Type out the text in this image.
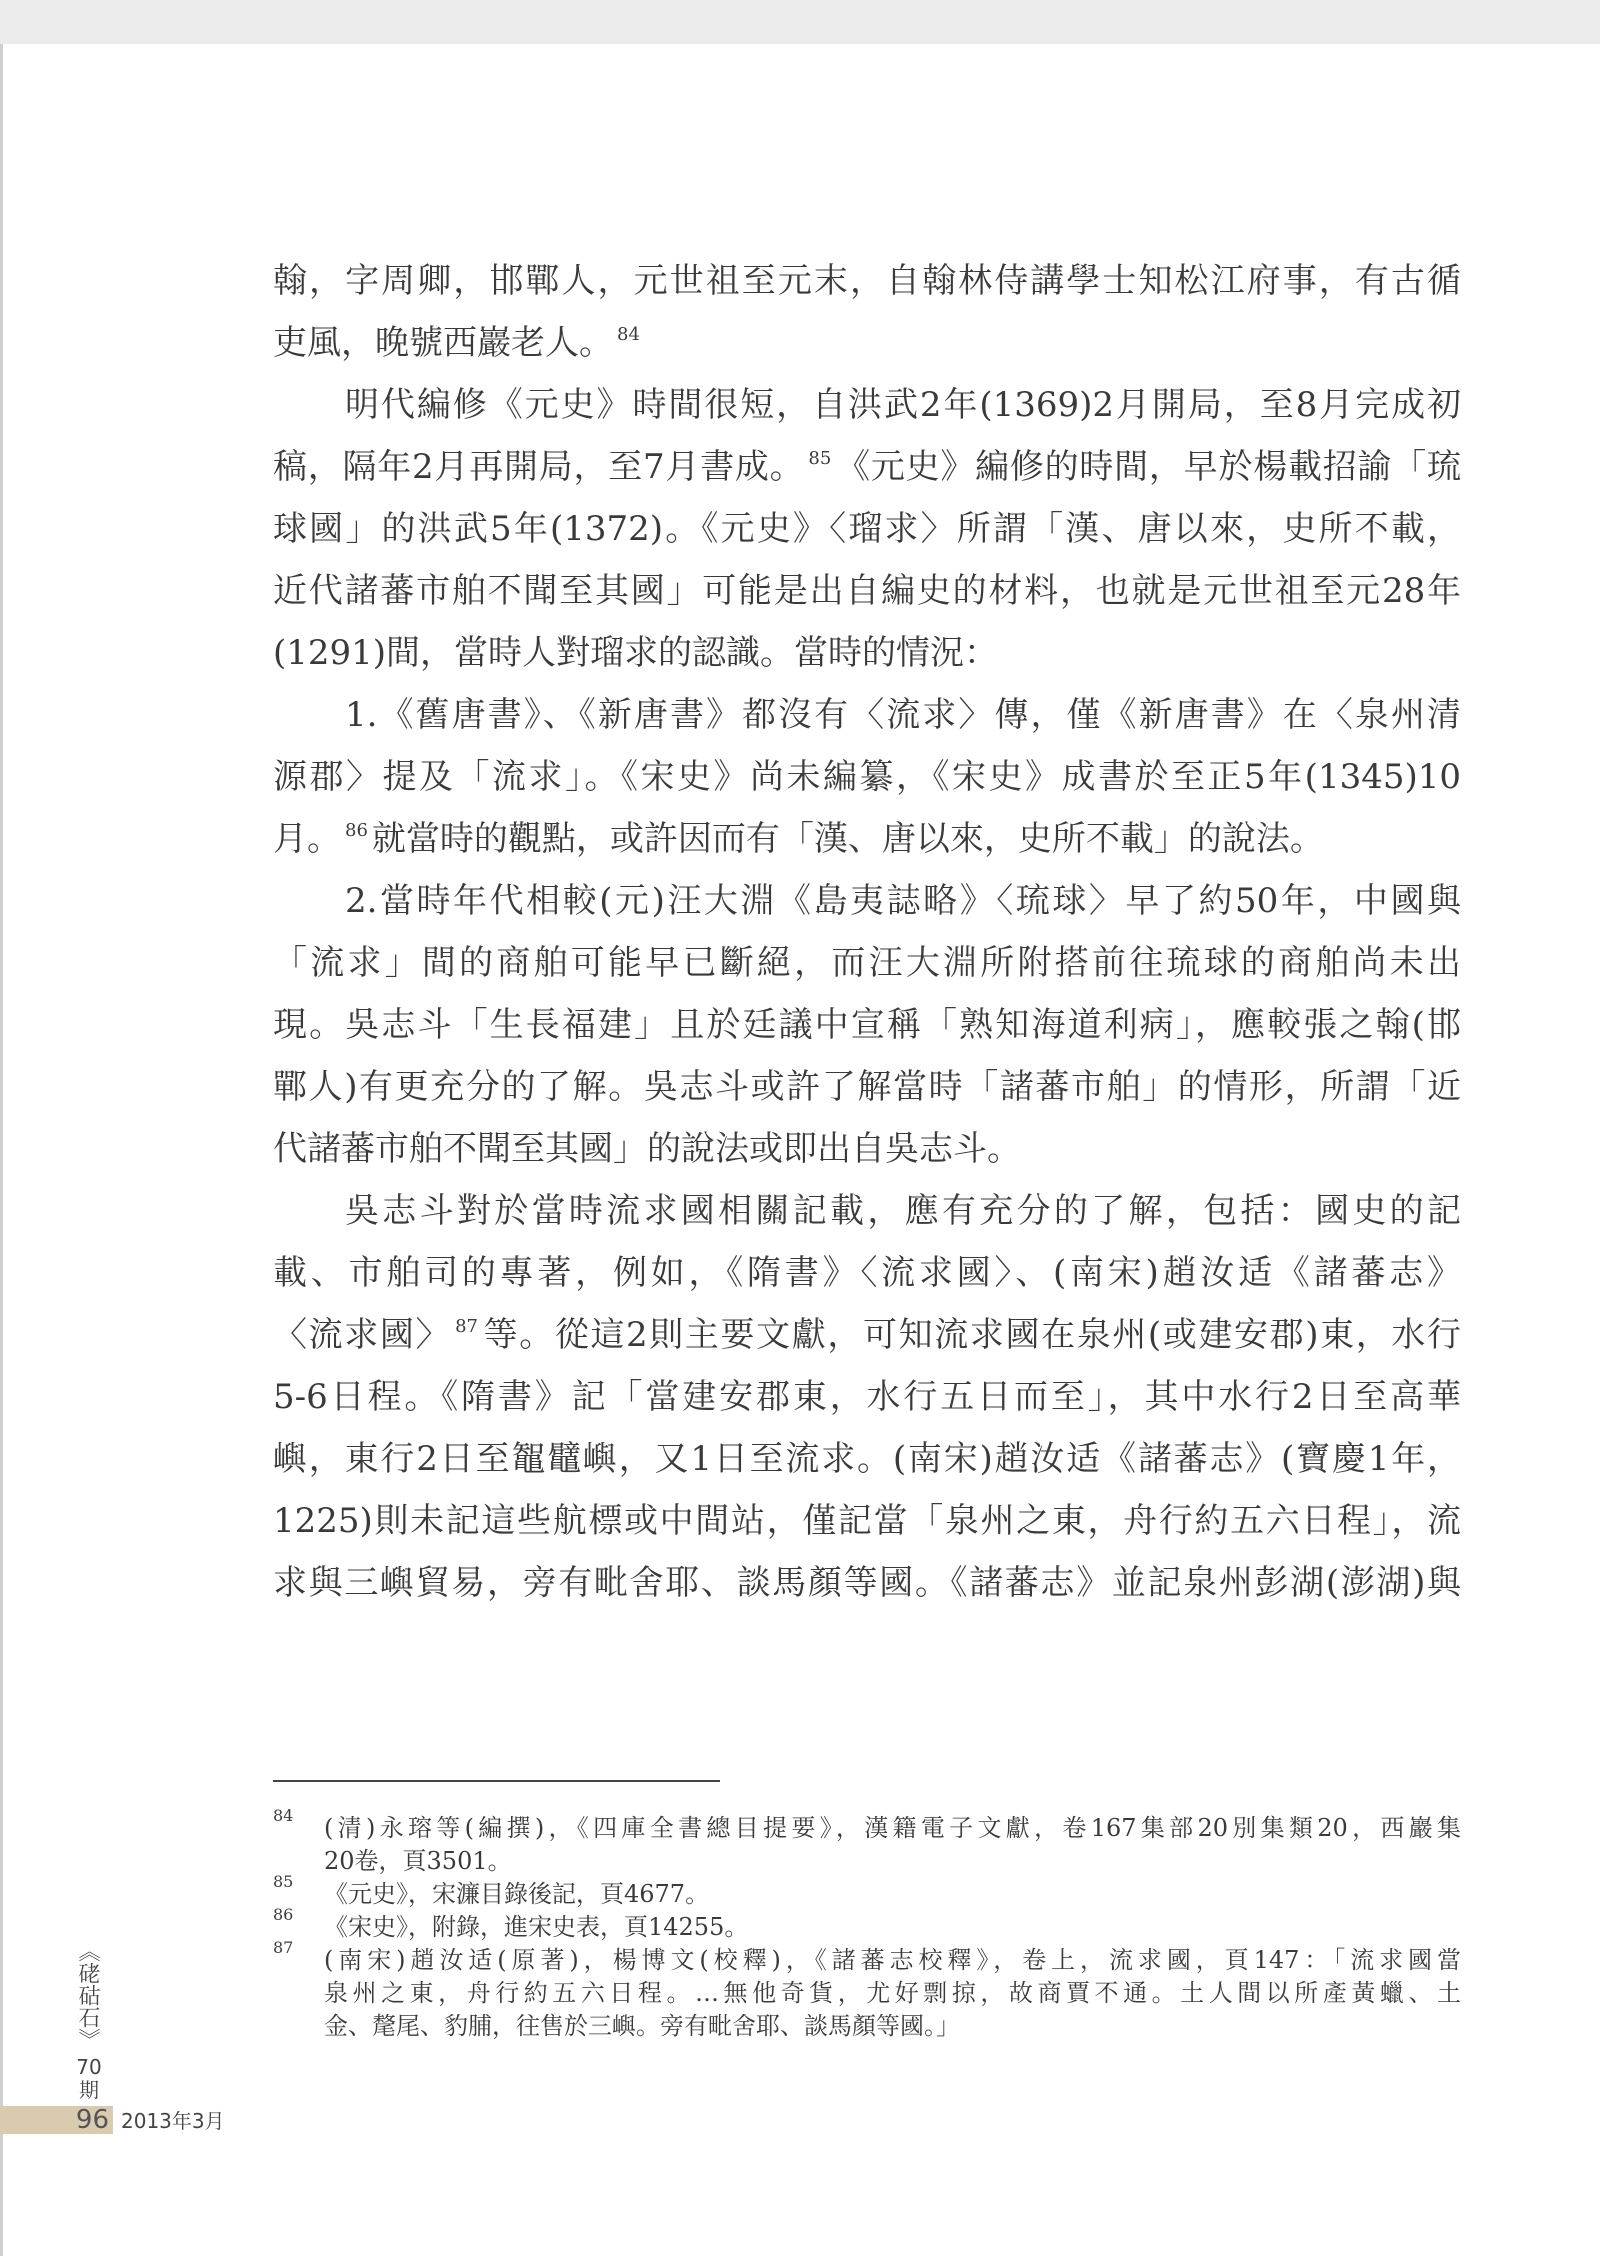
翰，字周卿，邯鄲人，元世祖至元末，自翰林侍講學士知松江府事，有古循
吏風，晚號西巖老人。 $^{84}$
明代編修《元史》時間很短，自洪武2年(1369)2月開局，至8月完成初
稿，隔年2月再開局，至7月書成。 $^{85}$ 《元史》編修的時間，早於楊載招諭「琉
球國」的洪武5年(1372)。《元史》〈瑠求〉所謂「漢、唐以來，史所不載，
近代諸蕃市舶不聞至其國」可能是出自編史的材料，也就是元世祖至元28年
(1291)間，當時人對瑠求的認識。當時的情況：
1.《舊唐書》、《新唐書》都沒有〈流求〉傳，僅《新唐書》在〈泉州清
源郡〉提及「流求」。《宋史》尚未編纂，《宋史》成書於至正5年(1345)10
月。 $^{86}$ 就當時的觀點，或許因而有「漢、唐以來，史所不載」的說法。
2.當時年代相較(元)汪大淵《島夷誌略》〈琉球〉早了約50年，中國與
「流求」間的商舶可能早已斷絕，而汪大淵所附搭前往琉球的商舶尚未出
現。吳志斗「生長福建」且於廷議中宣稱「熟知海道利病」，應較張之翰(邯
鄲人)有更充分的了解。吳志斗或許了解當時「諸蕃市舶」的情形，所謂「近
代諸蕃市舶不聞至其國」的說法或即出自吳志斗。
吳志斗對於當時流求國相關記載，應有充分的了解，包括：國史的記
載、市舶司的專著，例如，《隋書》〈流求國〉、(南宋)趙汝适《諸蕃志》
〈流求國〉 $^{87}$ 等。從這2則主要文獻，可知流求國在泉州(或建安郡)東，水行
5-6日程。《隋書》記「當建安郡東，水行五日而至」，其中水行2日至高華
嶼，東行2日至鼅鼊嶼，又1日至流求。(南宋)趙汝适《諸蕃志》(寶慶1年，
1225)則未記這些航標或中間站，僅記當「泉州之東，舟行約五六日程」，流
求與三嶼貿易，旁有毗舍耶、談馬顏等國。《諸蕃志》並記泉州彭湖(澎湖)與
84 (清)永瑢等(編撰)，《四庫全書總目提要》，漢籍電子文獻，卷167集部20別集類20，西巖集
20卷，頁3501。
85 《元史》，宋濂目錄後記，頁4677。
86 《宋史》，附錄，進宋史表，頁14255。
87 (南宋)趙汝适(原著)，楊博文(校釋)，《諸蕃志校釋》，卷上，流求國，頁147：「流求國當
泉州之東，舟行約五六日程。…無他奇貨，尤好剽掠，故商賈不通。土人間以所產黃蠟、土
金、氂尾、豹脯，往售於三嶼。旁有毗舍耶、談馬顏等國。」
《硓𥑮石》
70期
96 2013年3月
